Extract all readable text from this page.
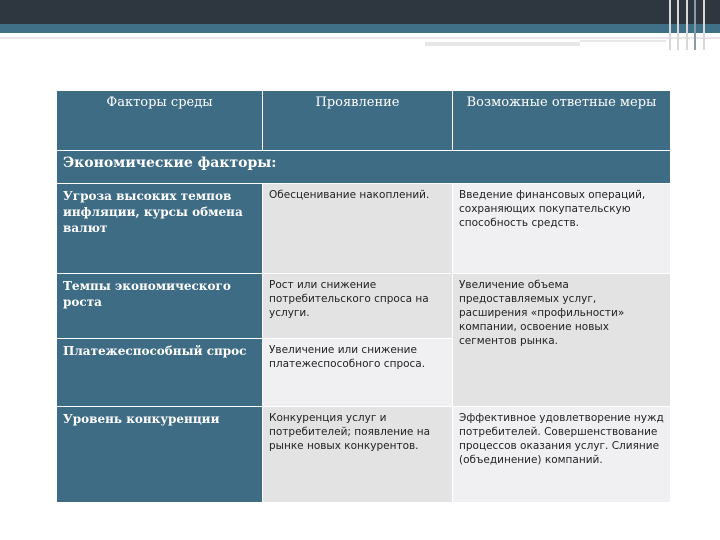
Факторы среды	Проявление	Возможные ответные меры
Экономические факторы:		
Угроза высоких темпов инфляции, курсы обмена валют	Обесценивание накоплений.	Введение финансовых операций, сохраняющих покупательскую способность средств.
Темпы экономического роста	Рост или снижение потребительского спроса на услуги.	Увеличение объема предоставляемых услуг, расширения «профильности» компании, освоение новых сегментов рынка.
Платежеспособный спрос	Увеличение или снижение платежеспособного спроса.	
Уровень конкуренции	Конкуренция услуг и потребителей; появление на рынке новых конкурентов.	Эффективное удовлетворение нужд потребителей. Совершенствование процессов оказания услуг. Слияние (объединение) компаний.
